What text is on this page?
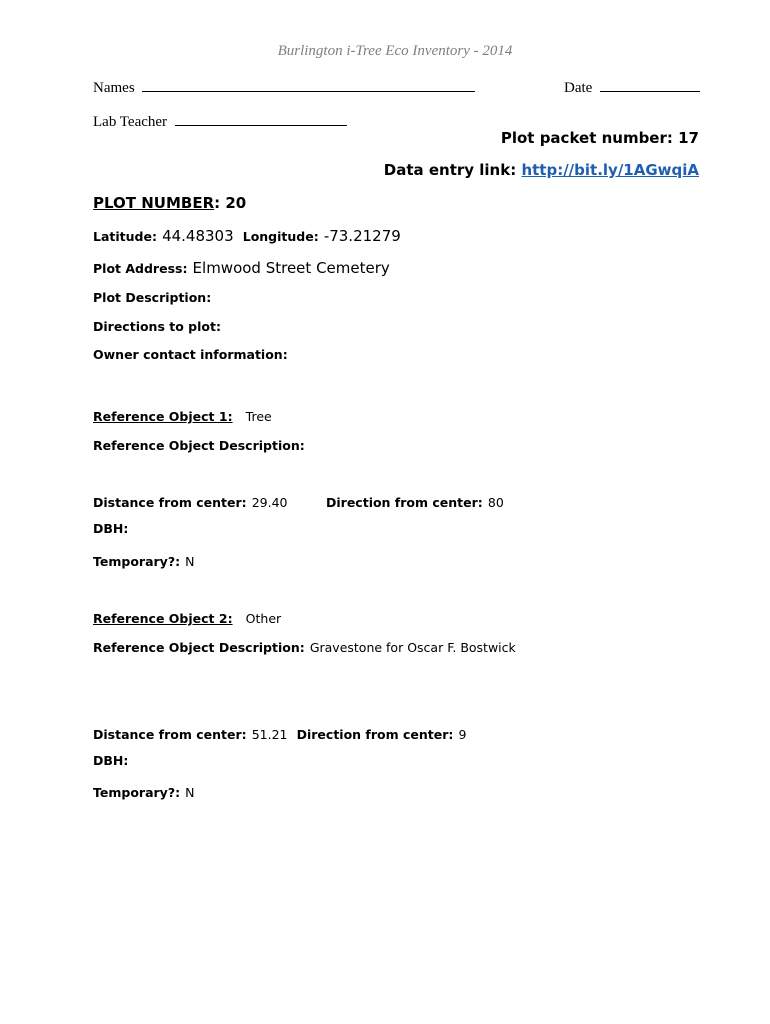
Burlington i-Tree Eco Inventory - 2014
Names	Date
Lab Teacher
Plot packet number: 17
Data entry link: http://bit.ly/1AGwqiA
PLOT NUMBER: 20
Latitude: 44.48303 Longitude: -73.21279
Plot Address: Elmwood Street Cemetery
Plot Description:
Directions to plot:
Owner contact information:
Reference Object 1: Tree
Reference Object Description:
Distance from center: 29.40	Direction from center: 80
DBH:
Temporary?: N
Reference Object 2: Other
Reference Object Description: Gravestone for Oscar F. Bostwick
Distance from center: 51.21 Direction from center: 9
DBH:
Temporary?: N
